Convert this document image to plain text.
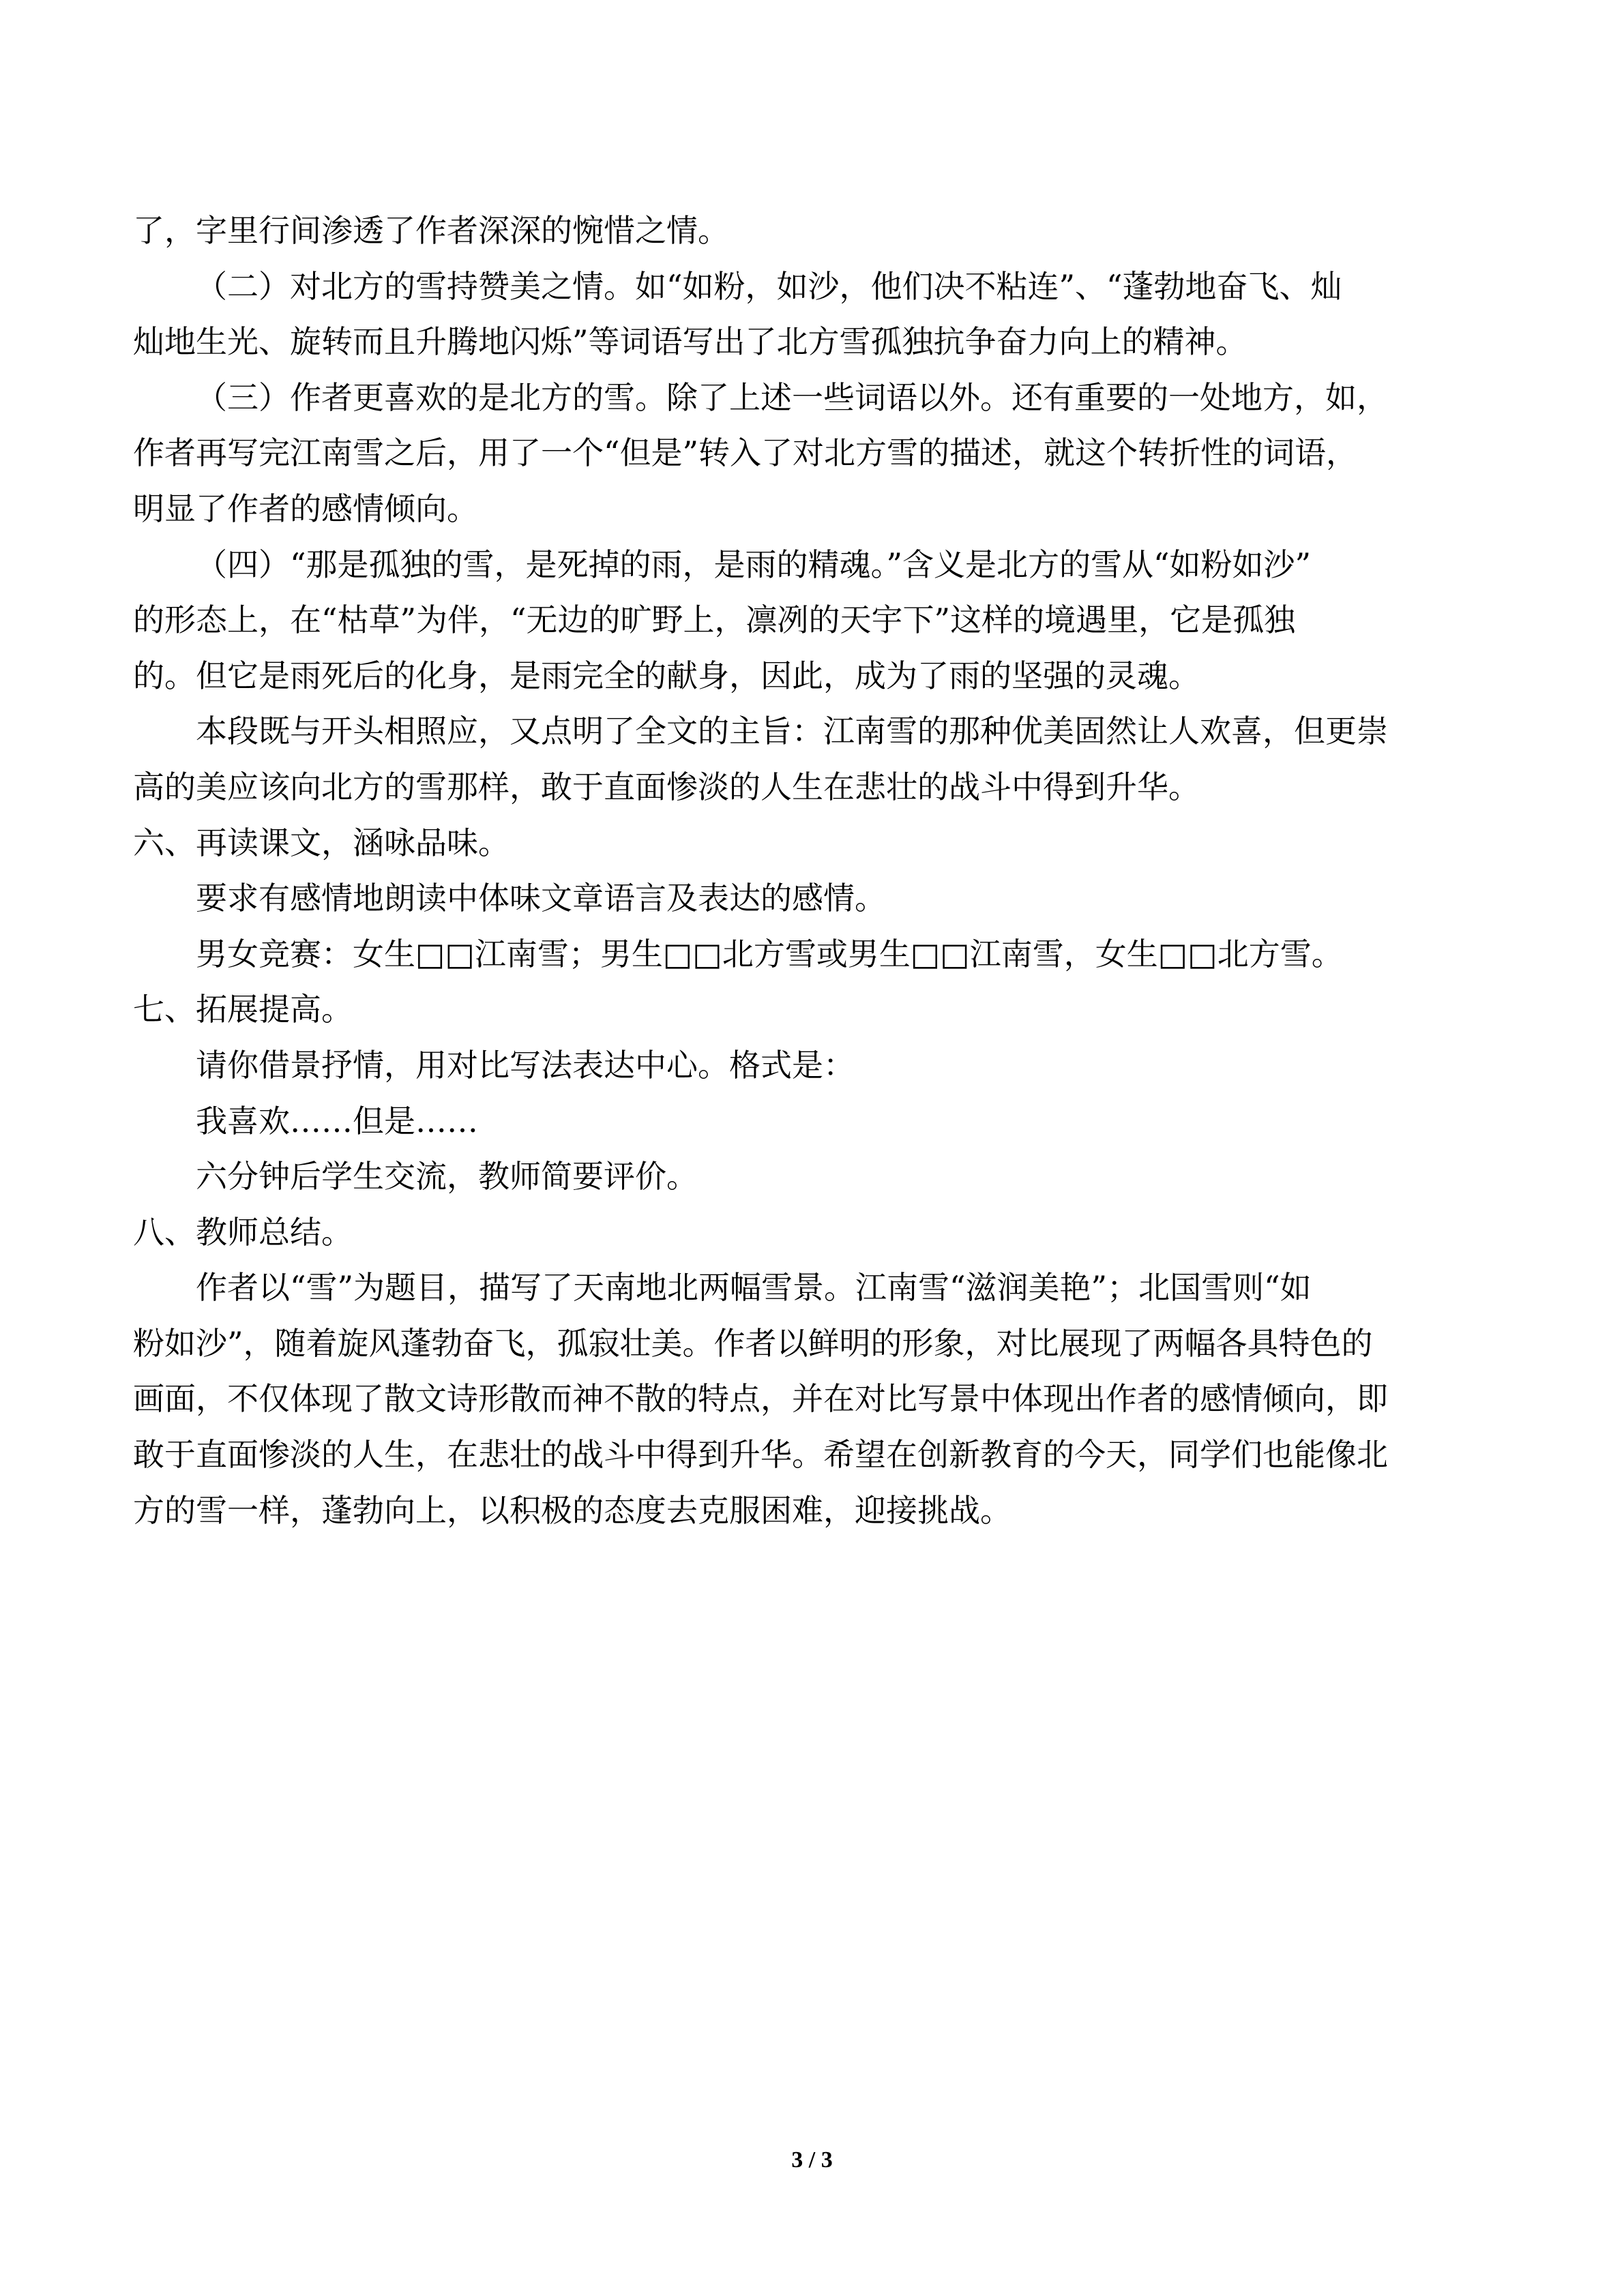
了，字里行间渗透了作者深深的惋惜之情。
（二）对北方的雪持赞美之情。如“如粉，如沙，他们决不粘连”、“蓬勃地奋飞、灿
灿地生光、旋转而且升腾地闪烁”等词语写出了北方雪孤独抗争奋力向上的精神。
（三）作者更喜欢的是北方的雪。除了上述一些词语以外。还有重要的一处地方，如，
作者再写完江南雪之后，用了一个“但是”转入了对北方雪的描述，就这个转折性的词语，
明显了作者的感情倾向。
（四）“那是孤独的雪，是死掉的雨，是雨的精魂。”含义是北方的雪从“如粉如沙”
的形态上，在“枯草”为伴，“无边的旷野上，凛冽的天宇下”这样的境遇里，它是孤独
的。但它是雨死后的化身，是雨完全的献身，因此，成为了雨的坚强的灵魂。
本段既与开头相照应，又点明了全文的主旨：江南雪的那种优美固然让人欢喜，但更崇
高的美应该向北方的雪那样，敢于直面惨淡的人生在悲壮的战斗中得到升华。
六、再读课文，涵咏品味。
要求有感情地朗读中体味文章语言及表达的感情。
男女竞赛：女生□□江南雪；男生□□北方雪或男生□□江南雪，女生□□北方雪。
七、拓展提高。
请你借景抒情，用对比写法表达中心。格式是：
我喜欢……但是……
六分钟后学生交流，教师简要评价。
八、教师总结。
作者以“雪”为题目，描写了天南地北两幅雪景。江南雪“滋润美艳”；北国雪则“如
粉如沙”，随着旋风蓬勃奋飞，孤寂壮美。作者以鲜明的形象，对比展现了两幅各具特色的
画面，不仅体现了散文诗形散而神不散的特点，并在对比写景中体现出作者的感情倾向，即
敢于直面惨淡的人生，在悲壮的战斗中得到升华。希望在创新教育的今天，同学们也能像北
方的雪一样，蓬勃向上，以积极的态度去克服困难，迎接挑战。
3 / 3
